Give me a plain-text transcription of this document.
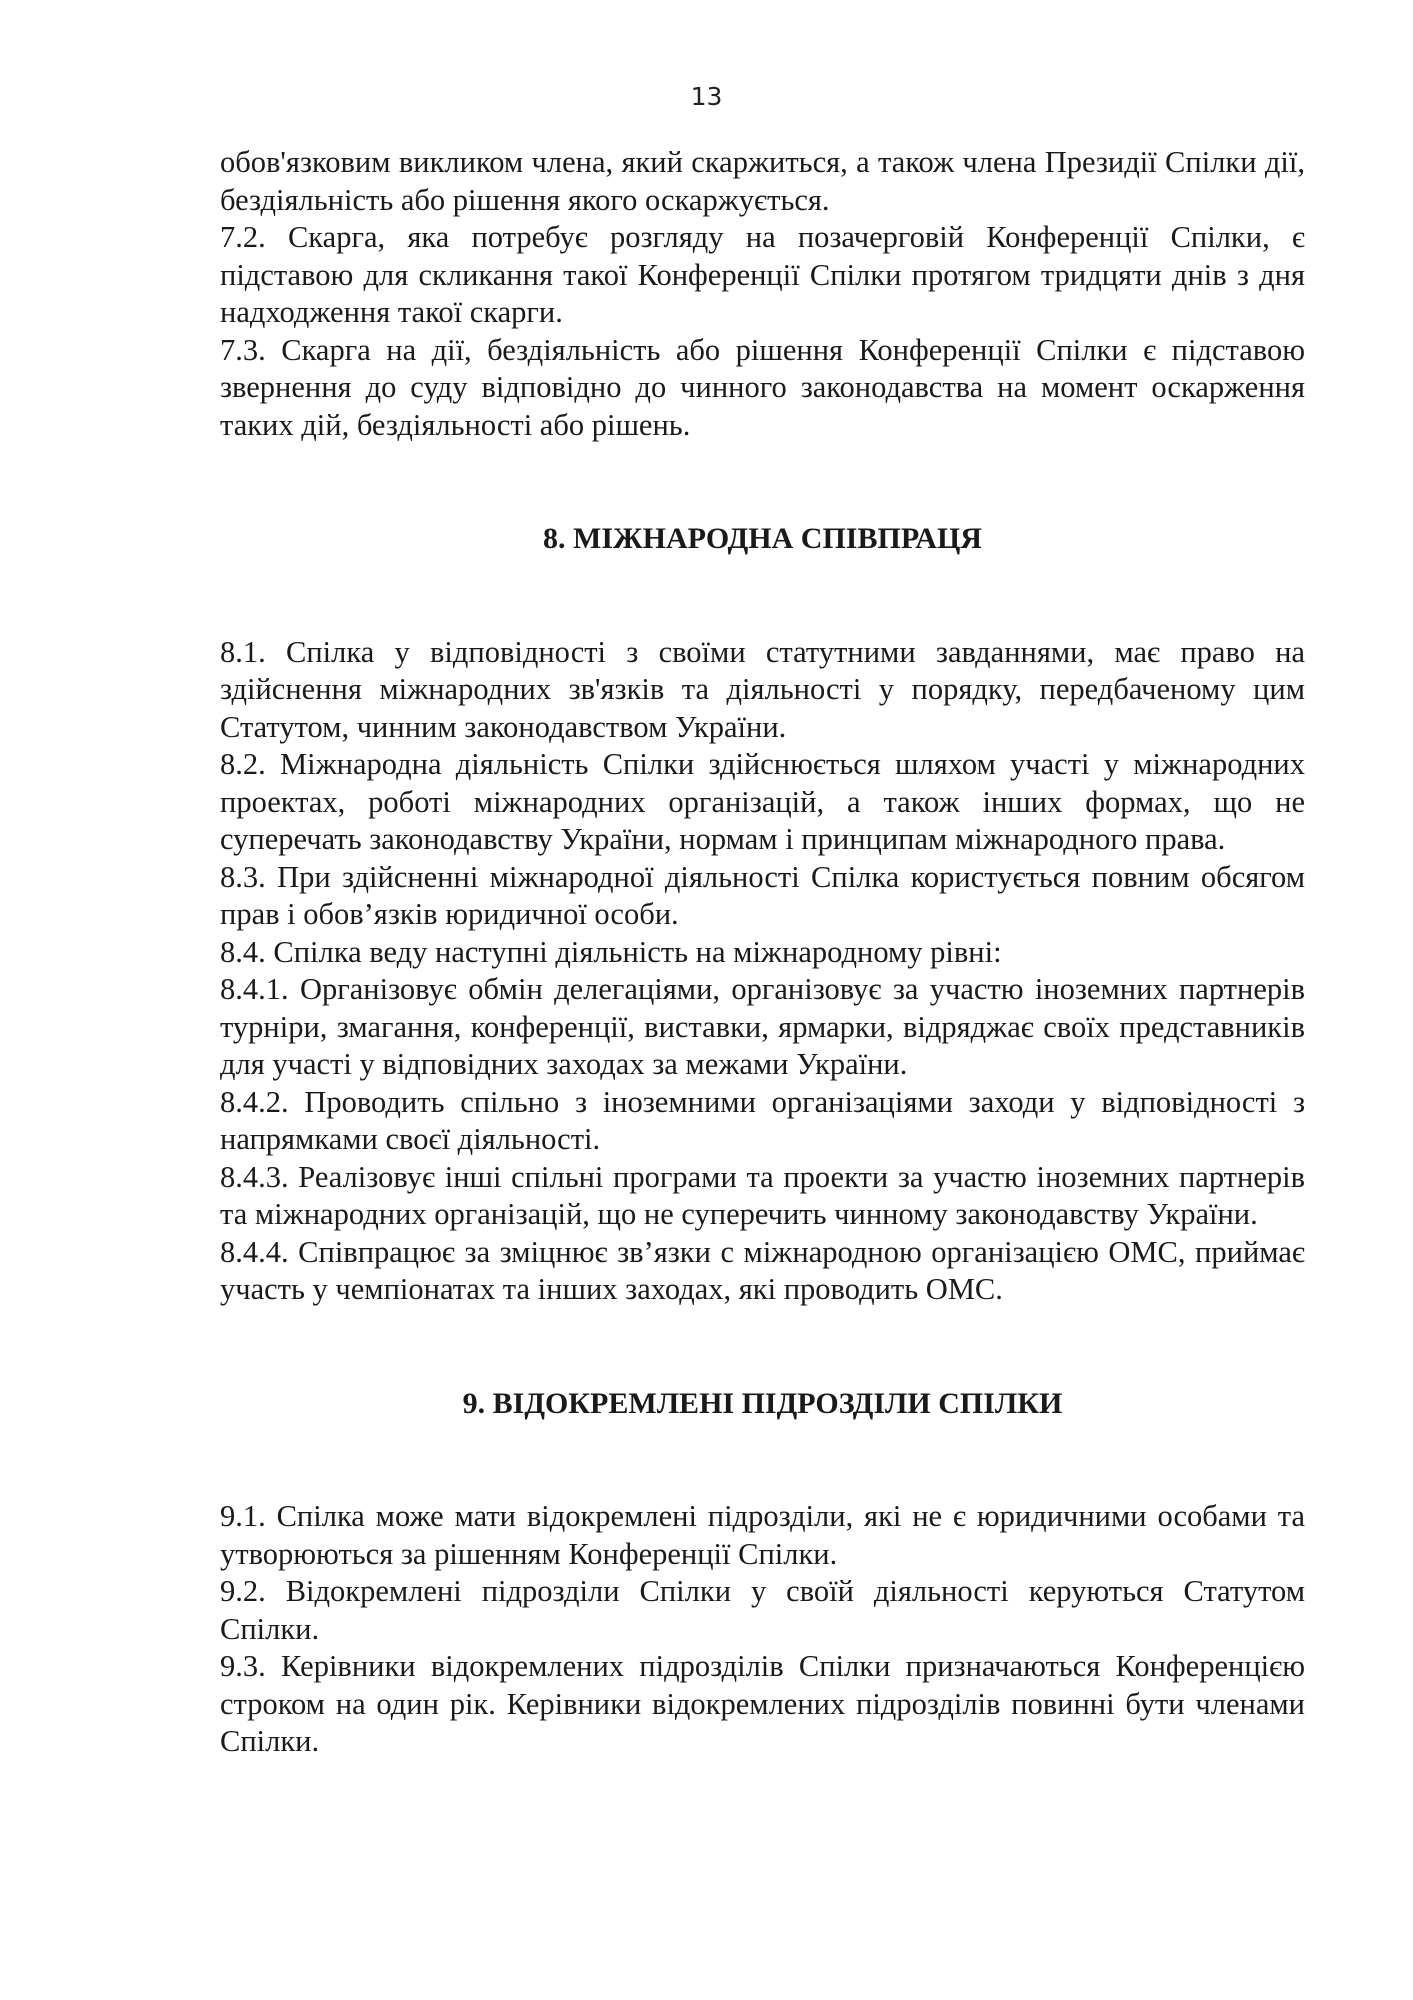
13

обов'язковим викликом члена, який скаржиться, а також члена Президії Спілки дії, бездіяльність або рішення якого оскаржується.

7.2. Скарга, яка потребує розгляду на позачерговій Конференції Спілки, є підставою для скликання такої Конференції Спілки протягом тридцяти днів з дня надходження такої скарги.

7.3. Скарга на дії, бездіяльність або рішення Конференції Спілки є підставою звернення до суду відповідно до чинного законодавства на момент оскарження таких дій, бездіяльності або рішень.

8. МІЖНАРОДНА СПІВПРАЦЯ

8.1. Спілка у відповідності з своїми статутними завданнями, має право на здійснення міжнародних зв'язків та діяльності у порядку, передбаченому цим Статутом, чинним законодавством України.

8.2. Міжнародна діяльність Спілки здійснюється шляхом участі у міжнародних проектах, роботі міжнародних організацій, а також інших формах, що не суперечать законодавству України, нормам і принципам міжнародного права.

8.3. При здійсненні міжнародної діяльності Спілка користується повним обсягом прав і обов’язків юридичної особи.

8.4. Спілка веду наступні діяльність на міжнародному рівні:

8.4.1. Організовує обмін делегаціями, організовує за участю іноземних партнерів турніри, змагання, конференції, виставки, ярмарки, відряджає своїх представників для участі у відповідних заходах за межами України.

8.4.2. Проводить спільно з іноземними організаціями заходи у відповідності з напрямками своєї діяльності.

8.4.3. Реалізовує інші спільні програми та проекти за участю іноземних партнерів та міжнародних організацій, що не суперечить чинному законодавству України.

8.4.4. Співпрацює за зміцнює зв’язки с міжнародною організацією ОМС, приймає участь у чемпіонатах та інших заходах, які проводить ОМС.

9. ВІДОКРЕМЛЕНІ ПІДРОЗДІЛИ СПІЛКИ

9.1. Спілка може мати відокремлені підрозділи, які не є юридичними особами та утворюються за рішенням Конференції Спілки.

9.2. Відокремлені підрозділи Спілки у своїй діяльності керуються Статутом Спілки.

9.3. Керівники відокремлених підрозділів Спілки призначаються Конференцією строком на один рік. Керівники відокремлених підрозділів повинні бути членами Спілки.
